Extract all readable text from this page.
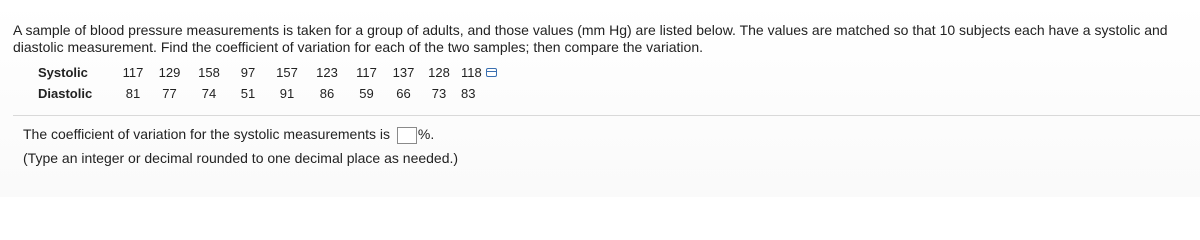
A sample of blood pressure measurements is taken for a group of adults, and those values (mm Hg) are listed below. The values are matched so that 10 subjects each have a systolic and diastolic measurement. Find the coefficient of variation for each of the two samples; then compare the variation.
Systolic	117	129	158	97	157	123	117	137	128	118
Diastolic	81	77	74	51	91	86	59	66	73	83
The coefficient of variation for the systolic measurements is %.
(Type an integer or decimal rounded to one decimal place as needed.)
